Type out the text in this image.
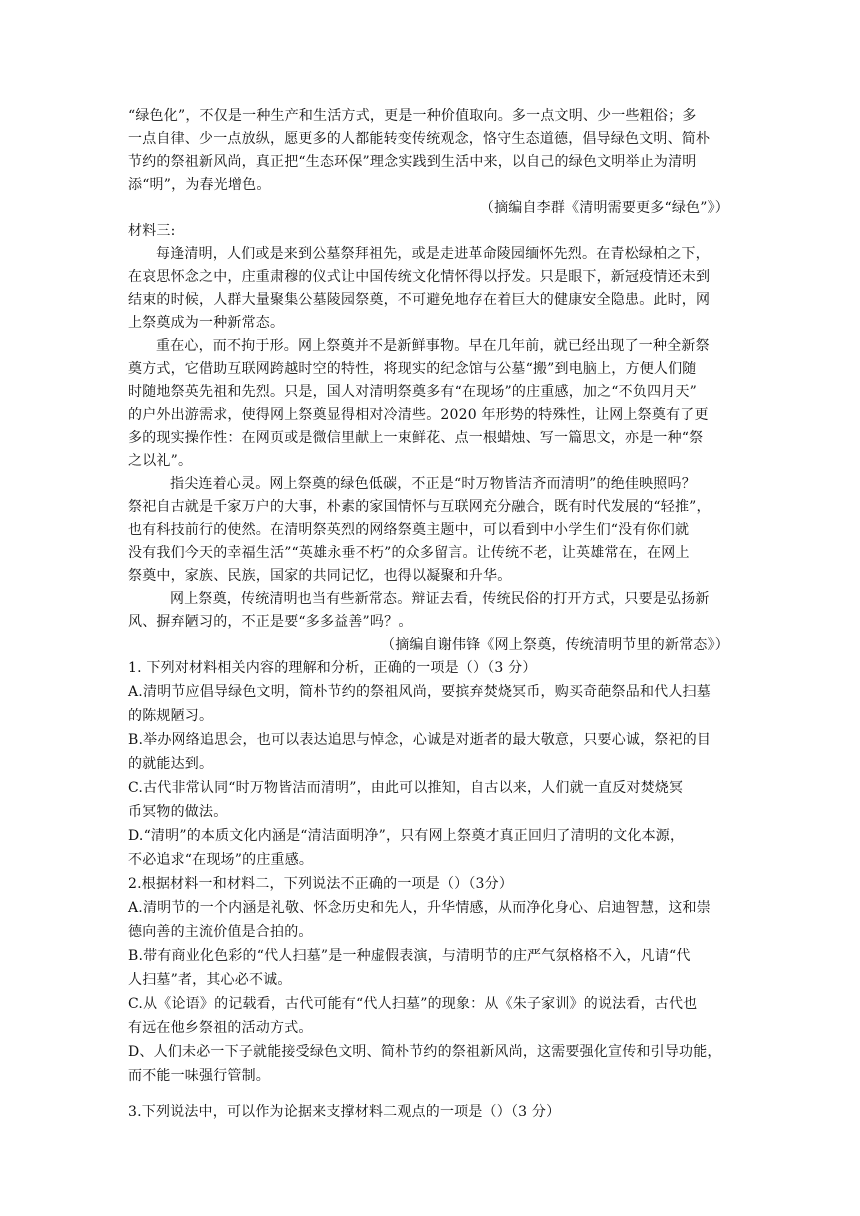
“绿色化”，不仅是一种生产和生活方式，更是一种价值取向。多一点文明、少一些粗俗；多
一点自律、少一点放纵，愿更多的人都能转变传统观念，恪守生态道德，倡导绿色文明、简朴
节约的祭祖新风尚，真正把“生态环保”理念实践到生活中来，以自己的绿色文明举止为清明
添“明”，为春光增色。
（摘编自李群《清明需要更多“绿色”》）
材料三:
每逢清明，人们或是来到公墓祭拜祖先，或是走进革命陵园缅怀先烈。在青松绿柏之下，
在哀思怀念之中，庄重肃穆的仪式让中国传统文化情怀得以抒发。只是眼下，新冠疫情还未到
结束的时候，人群大量聚集公墓陵园祭奠，不可避免地存在着巨大的健康安全隐患。此时，网
上祭奠成为一种新常态。
重在心，而不拘于形。网上祭奠并不是新鲜事物。早在几年前，就已经出现了一种全新祭
奠方式，它借助互联网跨越时空的特性，将现实的纪念馆与公墓“搬”到电脑上，方便人们随
时随地祭英先祖和先烈。只是，国人对清明祭奠多有“在现场”的庄重感，加之“不负四月天”
的户外出游需求，使得网上祭奠显得相对冷清些。2020 年形势的特殊性，让网上祭奠有了更
多的现实操作性：在网页或是微信里献上一束鲜花、点一根蜡烛、写一篇思文，亦是一种“祭
之以礼”。
指尖连着心灵。网上祭奠的绿色低碳，不正是“时万物皆洁齐而清明”的绝佳映照吗？
祭祀自古就是千家万户的大事，朴素的家国情怀与互联网充分融合，既有时代发展的“轻推”，
也有科技前行的使然。在清明祭英烈的网络祭奠主题中，可以看到中小学生们“没有你们就
没有我们今天的幸福生活”“英雄永垂不朽”的众多留言。让传统不老，让英雄常在，在网上
祭奠中，家族、民族，国家的共同记忆，也得以凝聚和升华。
网上祭奠，传统清明也当有些新常态。辩证去看，传统民俗的打开方式，只要是弘扬新
风、摒弃陋习的，不正是要“多多益善”吗？。
（摘编自谢伟锋《网上祭奠，传统清明节里的新常态》）
1. 下列对材料相关内容的理解和分析，正确的一项是（）（3 分）
A.清明节应倡导绿色文明，简朴节约的祭祖风尚，要摈弃焚烧冥币，购买奇葩祭品和代人扫墓
的陈规陋习。
B.举办网络追思会，也可以表达追思与悼念，心诚是对逝者的最大敬意，只要心诚，祭祀的目
的就能达到。
C.古代非常认同“时万物皆洁而清明”，由此可以推知，自古以来，人们就一直反对焚烧冥
币冥物的做法。
D.“清明”的本质文化内涵是“清洁面明净”，只有网上祭奠才真正回归了清明的文化本源，
不必追求“在现场”的庄重感。
2.根据材料一和材料二，下列说法不正确的一项是（）（3分）
A.清明节的一个内涵是礼敬、怀念历史和先人，升华情感，从而净化身心、启迪智慧，这和崇
德向善的主流价值是合拍的。
B.带有商业化色彩的“代人扫墓”是一种虚假表演，与清明节的庄严气氛格格不入，凡请“代
人扫墓”者，其心必不诚。
C.从《论语》的记载看，古代可能有“代人扫墓”的现象：从《朱子家训》的说法看，古代也
有远在他乡祭祖的活动方式。
D、人们未必一下子就能接受绿色文明、简朴节约的祭祖新风尚，这需要强化宣传和引导功能，
而不能一味强行管制。
3.下列说法中，可以作为论据来支撑材料二观点的一项是（）（3 分）
